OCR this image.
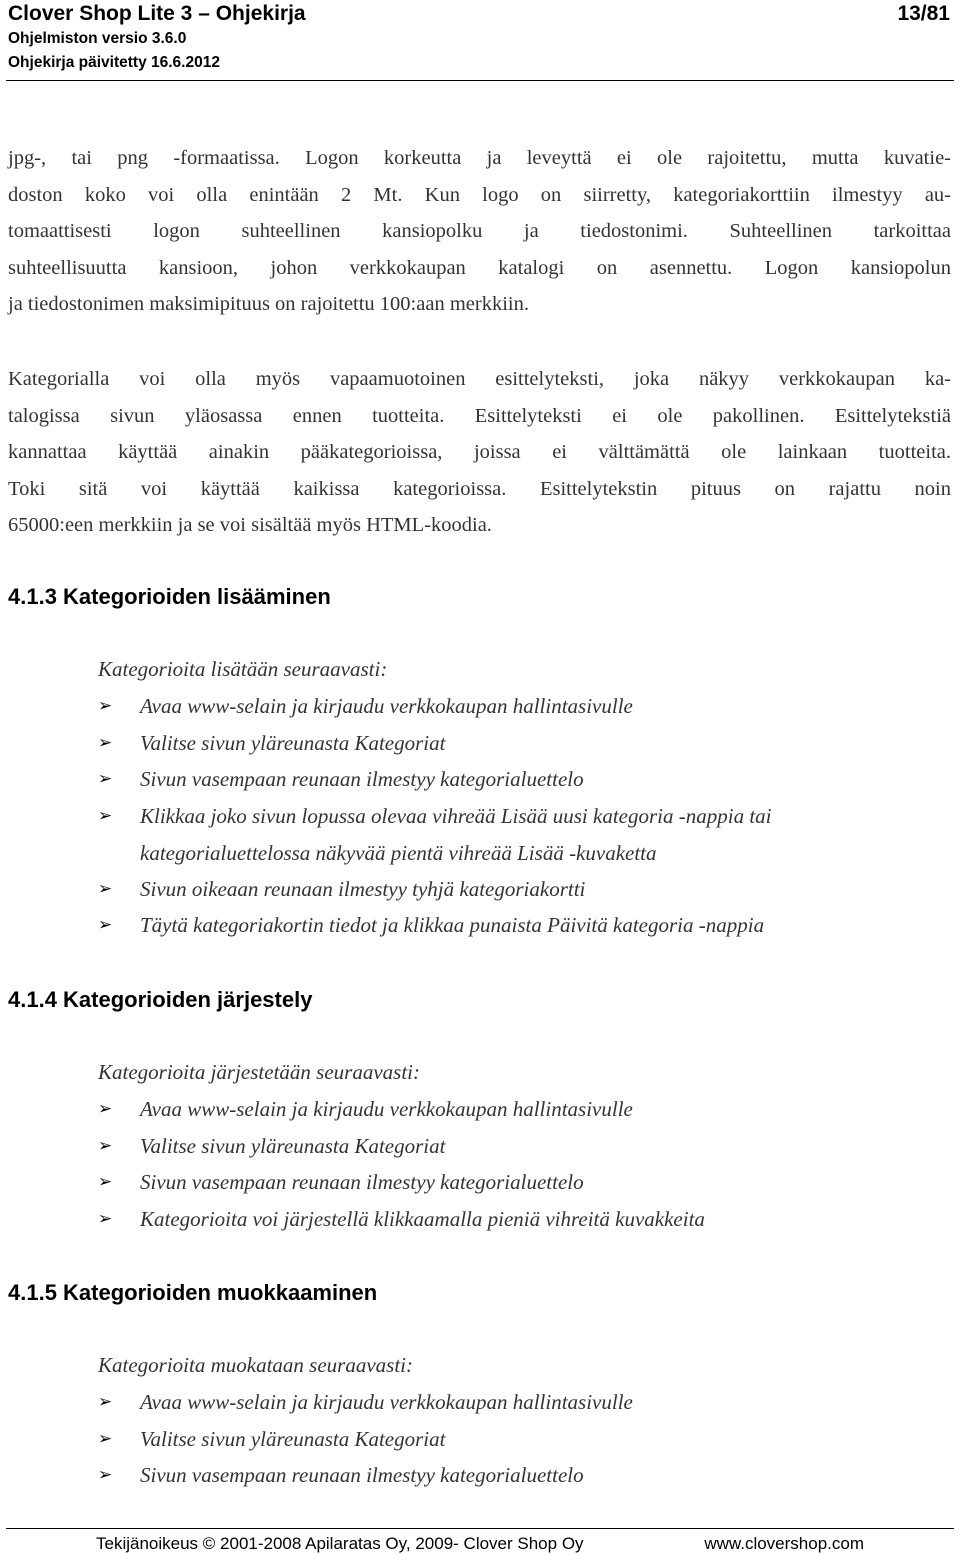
Clover Shop Lite 3 – Ohjekirja	13/81
Ohjelmiston versio 3.6.0
Ohjekirja päivitetty 16.6.2012
jpg-, tai png -formaatissa. Logon korkeutta ja leveyttä ei ole rajoitettu, mutta kuvatie-
doston koko voi olla enintään 2 Mt. Kun logo on siirretty, kategoriakorttiin ilmestyy au-
tomaattisesti logon suhteellinen kansiopolku ja tiedostonimi. Suhteellinen tarkoittaa
suhteellisuutta kansioon, johon verkkokaupan katalogi on asennettu. Logon kansiopolun
ja tiedostonimen maksimipituus on rajoitettu 100:aan merkkiin.
Kategorialla voi olla myös vapaamuotoinen esittelyteksti, joka näkyy verkkokaupan ka-
talogissa sivun yläosassa ennen tuotteita. Esittelyteksti ei ole pakollinen. Esittelytekstiä
kannattaa käyttää ainakin pääkategorioissa, joissa ei välttämättä ole lainkaan tuotteita.
Toki sitä voi käyttää kaikissa kategorioissa. Esittelytekstin pituus on rajattu noin
65000:een merkkiin ja se voi sisältää myös HTML-koodia.
4.1.3 Kategorioiden lisääminen
Kategorioita lisätään seuraavasti:
➢ Avaa www-selain ja kirjaudu verkkokaupan hallintasivulle
➢ Valitse sivun yläreunasta Kategoriat
➢ Sivun vasempaan reunaan ilmestyy kategorialuettelo
➢ Klikkaa joko sivun lopussa olevaa vihreää Lisää uusi kategoria -nappia tai
kategorialuettelossa näkyvää pientä vihreää Lisää -kuvaketta
➢ Sivun oikeaan reunaan ilmestyy tyhjä kategoriakortti
➢ Täytä kategoriakortin tiedot ja klikkaa punaista Päivitä kategoria -nappia
4.1.4 Kategorioiden järjestely
Kategorioita järjestetään seuraavasti:
➢ Avaa www-selain ja kirjaudu verkkokaupan hallintasivulle
➢ Valitse sivun yläreunasta Kategoriat
➢ Sivun vasempaan reunaan ilmestyy kategorialuettelo
➢ Kategorioita voi järjestellä klikkaamalla pieniä vihreitä kuvakkeita
4.1.5 Kategorioiden muokkaaminen
Kategorioita muokataan seuraavasti:
➢ Avaa www-selain ja kirjaudu verkkokaupan hallintasivulle
➢ Valitse sivun yläreunasta Kategoriat
➢ Sivun vasempaan reunaan ilmestyy kategorialuettelo
Tekijänoikeus © 2001-2008 Apilaratas Oy, 2009- Clover Shop Oy	www.clovershop.com
